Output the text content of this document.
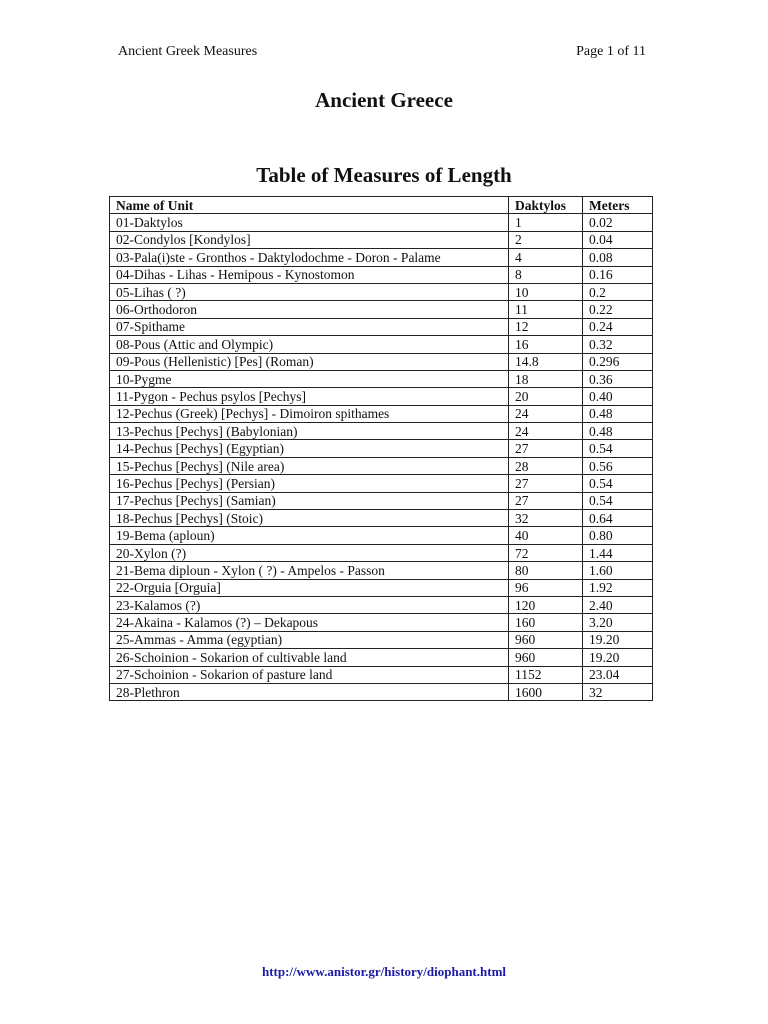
Ancient Greek Measures	Page 1 of 11
Ancient Greece
Table of Measures of Length
Name of Unit	Daktylos	Meters
01-Daktylos	1	0.02
02-Condylos [Kondylos]	2	0.04
03-Pala(i)ste - Gronthos - Daktylodochme - Doron - Palame	4	0.08
04-Dihas - Lihas - Hemipous - Kynostomon	8	0.16
05-Lihas ( ?)	10	0.2
06-Orthodoron	11	0.22
07-Spithame	12	0.24
08-Pous (Attic and Olympic)	16	0.32
09-Pous (Hellenistic) [Pes] (Roman)	14.8	0.296
10-Pygme	18	0.36
11-Pygon - Pechus psylos [Pechys]	20	0.40
12-Pechus (Greek) [Pechys] - Dimoiron spithames	24	0.48
13-Pechus [Pechys] (Babylonian)	24	0.48
14-Pechus [Pechys] (Egyptian)	27	0.54
15-Pechus [Pechys] (Nile area)	28	0.56
16-Pechus [Pechys] (Persian)	27	0.54
17-Pechus [Pechys] (Samian)	27	0.54
18-Pechus [Pechys] (Stoic)	32	0.64
19-Bema (aploun)	40	0.80
20-Xylon (?)	72	1.44
21-Bema diploun - Xylon ( ?) - Ampelos - Passon	80	1.60
22-Orguia [Orguia]	96	1.92
23-Kalamos (?)	120	2.40
24-Akaina - Kalamos (?) – Dekapous	160	3.20
25-Ammas - Amma (egyptian)	960	19.20
26-Schoinion - Sokarion of cultivable land	960	19.20
27-Schoinion - Sokarion of pasture land	1152	23.04
28-Plethron	1600	32
http://www.anistor.gr/history/diophant.html
